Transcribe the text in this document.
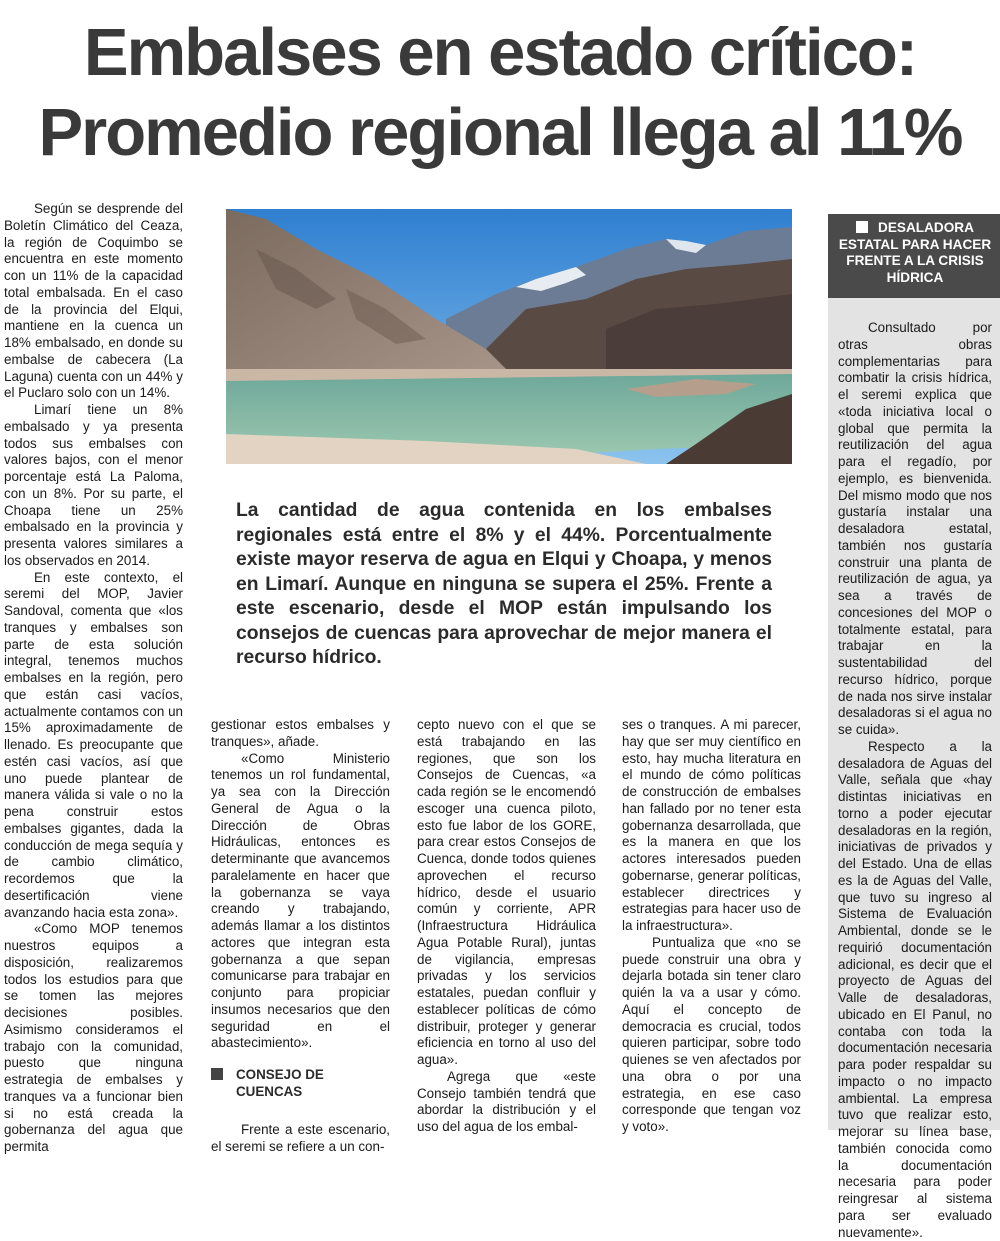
Embalses en estado crítico:
Promedio regional llega al 11%

Según se desprende del Boletín Climático del Ceaza, la región de Coquimbo se encuentra en este momento con un 11% de la capacidad total embalsada. En el caso de la provincia del Elqui, mantiene en la cuenca un 18% embalsado, en donde su embalse de cabecera (La Laguna) cuenta con un 44% y el Puclaro solo con un 14%.

Limarí tiene un 8% embalsado y ya presenta todos sus embalses con valores bajos, con el menor porcentaje está La Paloma, con un 8%. Por su parte, el Choapa tiene un 25% embalsado en la provincia y presenta valores similares a los observados en 2014.

En este contexto, el seremi del MOP, Javier Sandoval, comenta que «los tranques y embalses son parte de esta solución integral, tenemos muchos embalses en la región, pero que están casi vacíos, actualmente contamos con un 15% aproximadamente de llenado. Es preocupante que estén casi vacíos, así que uno puede plantear de manera válida si vale o no la pena construir estos embalses gigantes, dada la conducción de mega sequía y de cambio climático, recordemos que la desertificación viene avanzando hacia esta zona».

«Como MOP tenemos nuestros equipos a disposición, realizaremos todos los estudios para que se tomen las mejores decisiones posibles. Asimismo consideramos el trabajo con la comunidad, puesto que ninguna estrategia de embalses y tranques va a funcionar bien si no está creada la gobernanza del agua que permita

La cantidad de agua contenida en los embalses regionales está entre el 8% y el 44%. Porcentualmente existe mayor reserva de agua en Elqui y Choapa, y menos en Limarí. Aunque en ninguna se supera el 25%. Frente a este escenario, desde el MOP están impulsando los consejos de cuencas para aprovechar de mejor manera el recurso hídrico.

gestionar estos embalses y tranques», añade.

«Como Ministerio tenemos un rol fundamental, ya sea con la Dirección General de Agua o la Dirección de Obras Hidráulicas, entonces es determinante que avancemos paralelamente en hacer que la gobernanza se vaya creando y trabajando, además llamar a los distintos actores que integran esta gobernanza a que sepan comunicarse para trabajar en conjunto para propiciar insumos necesarios que den seguridad en el abastecimiento».

CONSEJO DE CUENCAS

Frente a este escenario, el seremi se refiere a un con-

cepto nuevo con el que se está trabajando en las regiones, que son los Consejos de Cuencas, «a cada región se le encomendó escoger una cuenca piloto, esto fue labor de los GORE, para crear estos Consejos de Cuenca, donde todos quienes aprovechen el recurso hídrico, desde el usuario común y corriente, APR (Infraestructura Hidráulica Agua Potable Rural), juntas de vigilancia, empresas privadas y los servicios estatales, puedan confluir y establecer políticas de cómo distribuir, proteger y generar eficiencia en torno al uso del agua».

Agrega que «este Consejo también tendrá que abordar la distribución y el uso del agua de los embal-

ses o tranques. A mi parecer, hay que ser muy científico en esto, hay mucha literatura en el mundo de cómo políticas de construcción de embalses han fallado por no tener esta gobernanza desarrollada, que es la manera en que los actores interesados pueden gobernarse, generar políticas, establecer directrices y estrategias para hacer uso de la infraestructura».

Puntualiza que «no se puede construir una obra y dejarla botada sin tener claro quién la va a usar y cómo. Aquí el concepto de democracia es crucial, todos quieren participar, sobre todo quienes se ven afectados por una obra o por una estrategia, en ese caso corresponde que tengan voz y voto».

DESALADORA ESTATAL PARA HACER FRENTE A LA CRISIS HÍDRICA

Consultado por otras obras complementarias para combatir la crisis hídrica, el seremi explica que «toda iniciativa local o global que permita la reutilización del agua para el regadío, por ejemplo, es bienvenida. Del mismo modo que nos gustaría instalar una desaladora estatal, también nos gustaría construir una planta de reutilización de agua, ya sea a través de concesiones del MOP o totalmente estatal, para trabajar en la sustentabilidad del recurso hídrico, porque de nada nos sirve instalar desaladoras si el agua no se cuida».

Respecto a la desaladora de Aguas del Valle, señala que «hay distintas iniciativas en torno a poder ejecutar desaladoras en la región, iniciativas de privados y del Estado. Una de ellas es la de Aguas del Valle, que tuvo su ingreso al Sistema de Evaluación Ambiental, donde se le requirió documentación adicional, es decir que el proyecto de Aguas del Valle de desaladoras, ubicado en El Panul, no contaba con toda la documentación necesaria para poder respaldar su impacto o no impacto ambiental. La empresa tuvo que realizar esto, mejorar su línea base, también conocida como la documentación necesaria para poder reingresar al sistema para ser evaluado nuevamente».
